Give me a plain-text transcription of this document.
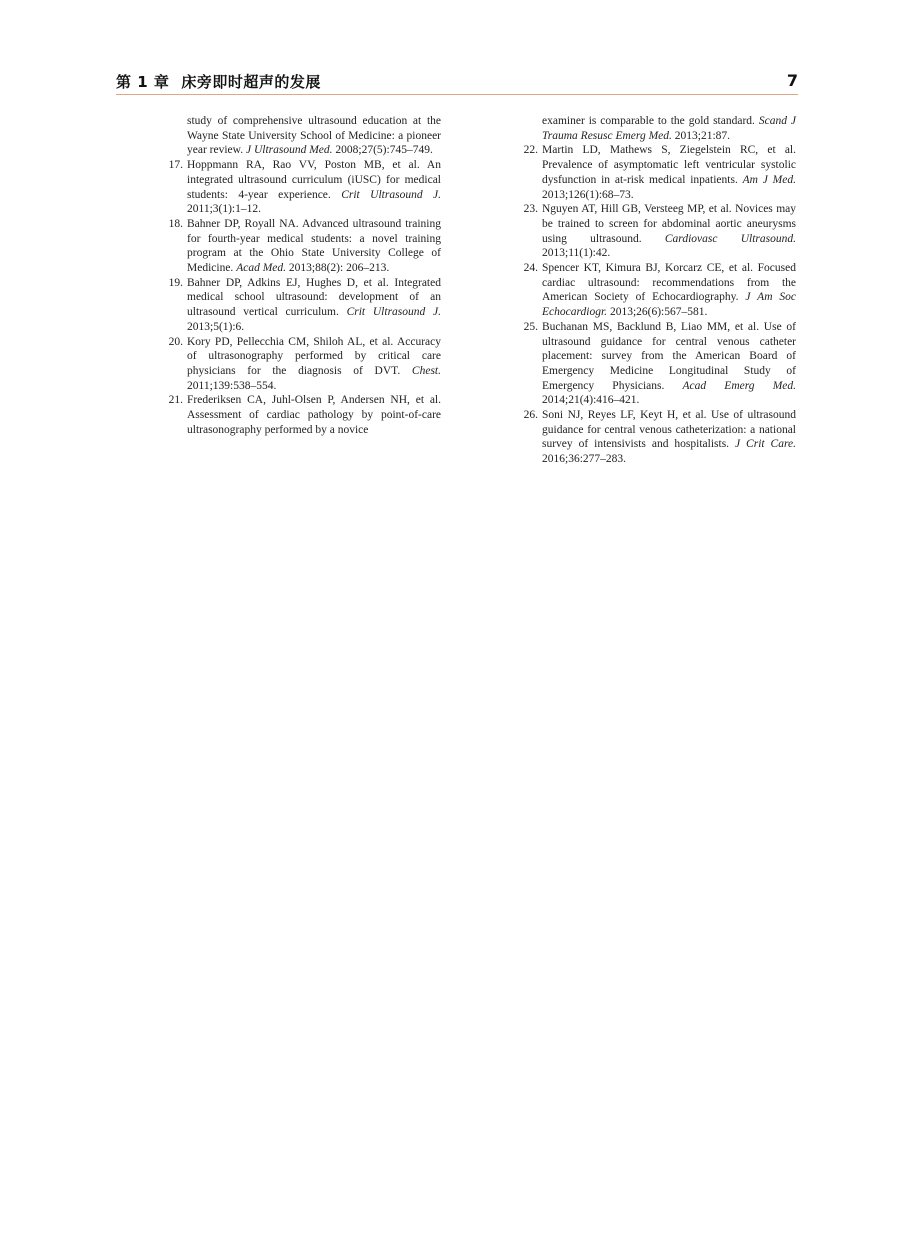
第 1 章 床旁即时超声的发展	7
study of comprehensive ultrasound education at the Wayne State University School of Medicine: a pioneer year review. J Ultrasound Med. 2008;27(5):745–749.
17. Hoppmann RA, Rao VV, Poston MB, et al. An integrated ultrasound curriculum (iUSC) for medical students: 4-year experience. Crit Ultrasound J. 2011;3(1):1–12.
18. Bahner DP, Royall NA. Advanced ultrasound training for fourth-year medical students: a novel training program at the Ohio State University College of Medicine. Acad Med. 2013;88(2): 206–213.
19. Bahner DP, Adkins EJ, Hughes D, et al. Integrated medical school ultrasound: development of an ultrasound vertical curriculum. Crit Ultrasound J. 2013;5(1):6.
20. Kory PD, Pellecchia CM, Shiloh AL, et al. Accuracy of ultrasonography performed by critical care physicians for the diagnosis of DVT. Chest. 2011;139:538–554.
21. Frederiksen CA, Juhl-Olsen P, Andersen NH, et al. Assessment of cardiac pathology by point-of-care ultrasonography performed by a novice
examiner is comparable to the gold standard. Scand J Trauma Resusc Emerg Med. 2013;21:87.
22. Martin LD, Mathews S, Ziegelstein RC, et al. Prevalence of asymptomatic left ventricular systolic dysfunction in at-risk medical inpatients. Am J Med. 2013;126(1):68–73.
23. Nguyen AT, Hill GB, Versteeg MP, et al. Novices may be trained to screen for abdominal aortic aneurysms using ultrasound. Cardiovasc Ultrasound. 2013;11(1):42.
24. Spencer KT, Kimura BJ, Korcarz CE, et al. Focused cardiac ultrasound: recommendations from the American Society of Echocardiography. J Am Soc Echocardiogr. 2013;26(6):567–581.
25. Buchanan MS, Backlund B, Liao MM, et al. Use of ultrasound guidance for central venous catheter placement: survey from the American Board of Emergency Medicine Longitudinal Study of Emergency Physicians. Acad Emerg Med. 2014;21(4):416–421.
26. Soni NJ, Reyes LF, Keyt H, et al. Use of ultrasound guidance for central venous catheterization: a national survey of intensivists and hospitalists. J Crit Care. 2016;36:277–283.
